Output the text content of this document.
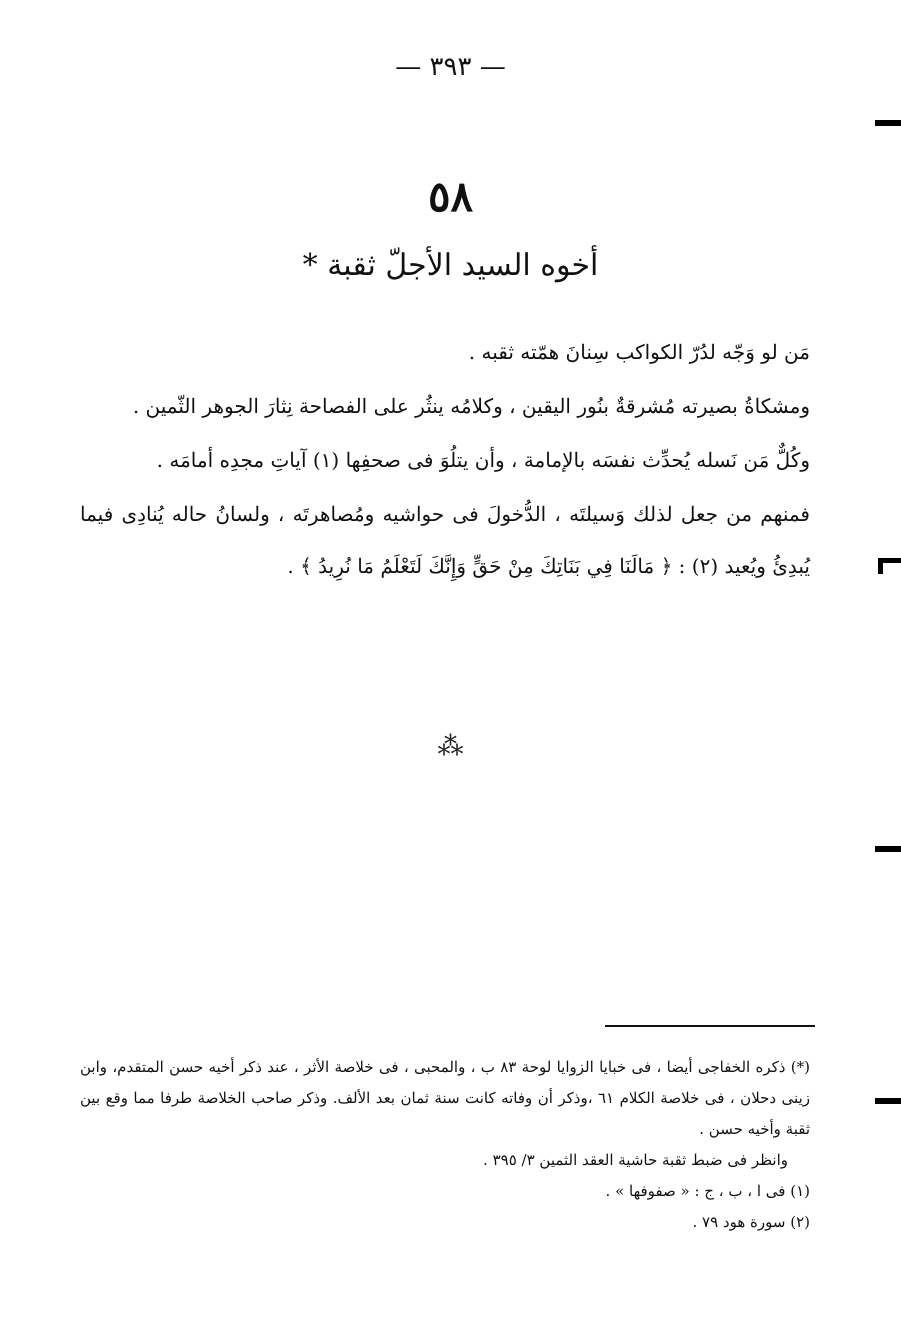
— ٣٩٣ —
٥٨
أخوه السيد الأجلّ ثقبة *

مَن لو وَجّه لدُرّ الكواكب سِنانَ همّته ثقبه .

ومشكاةُ بصيرته مُشرقةٌ بنُور اليقين ، وكلامُه ينثُر على الفصاحة نِثارَ الجوهر الثّمين .

وكُلٌّ مَن نَسله يُحدِّث نفسَه بالإمامة ، وأن يتلُوَ فى صحفِها (١) آياتِ مجدِه أمامَه .

فمنهم من جعل لذلك وَسيلتَه ، الدُّخولَ فى حواشيه ومُصاهرتَه ، ولسانُ حاله يُنادِى فيما يُبدِئُ ويُعيد (٢) : ﴿ مَالَنَا فِي بَنَاتِكَ مِنْ حَقٍّ وَإِنَّكَ لَتَعْلَمُ مَا نُرِيدُ ﴾ .

⁂

(*) ذكره الخفاجى أيضا ، فى خبايا الزوايا لوحة ٨٣ ب ، والمحبى ، فى خلاصة الأثر ، عند ذكر أخيه حسن المتقدم، وابن زينى دحلان ، فى خلاصة الكلام ٦١ ،وذكر أن وفاته كانت سنة ثمان بعد الألف. وذكر صاحب الخلاصة طرفا مما وقع بين ثقبة وأخيه حسن .

وانظر فى ضبط ثقبة حاشية العقد الثمين ٣/ ٣٩٥ .

(١) فى ا ، ب ، ج : « صفوفها » .

(٢) سورة هود ٧٩ .
